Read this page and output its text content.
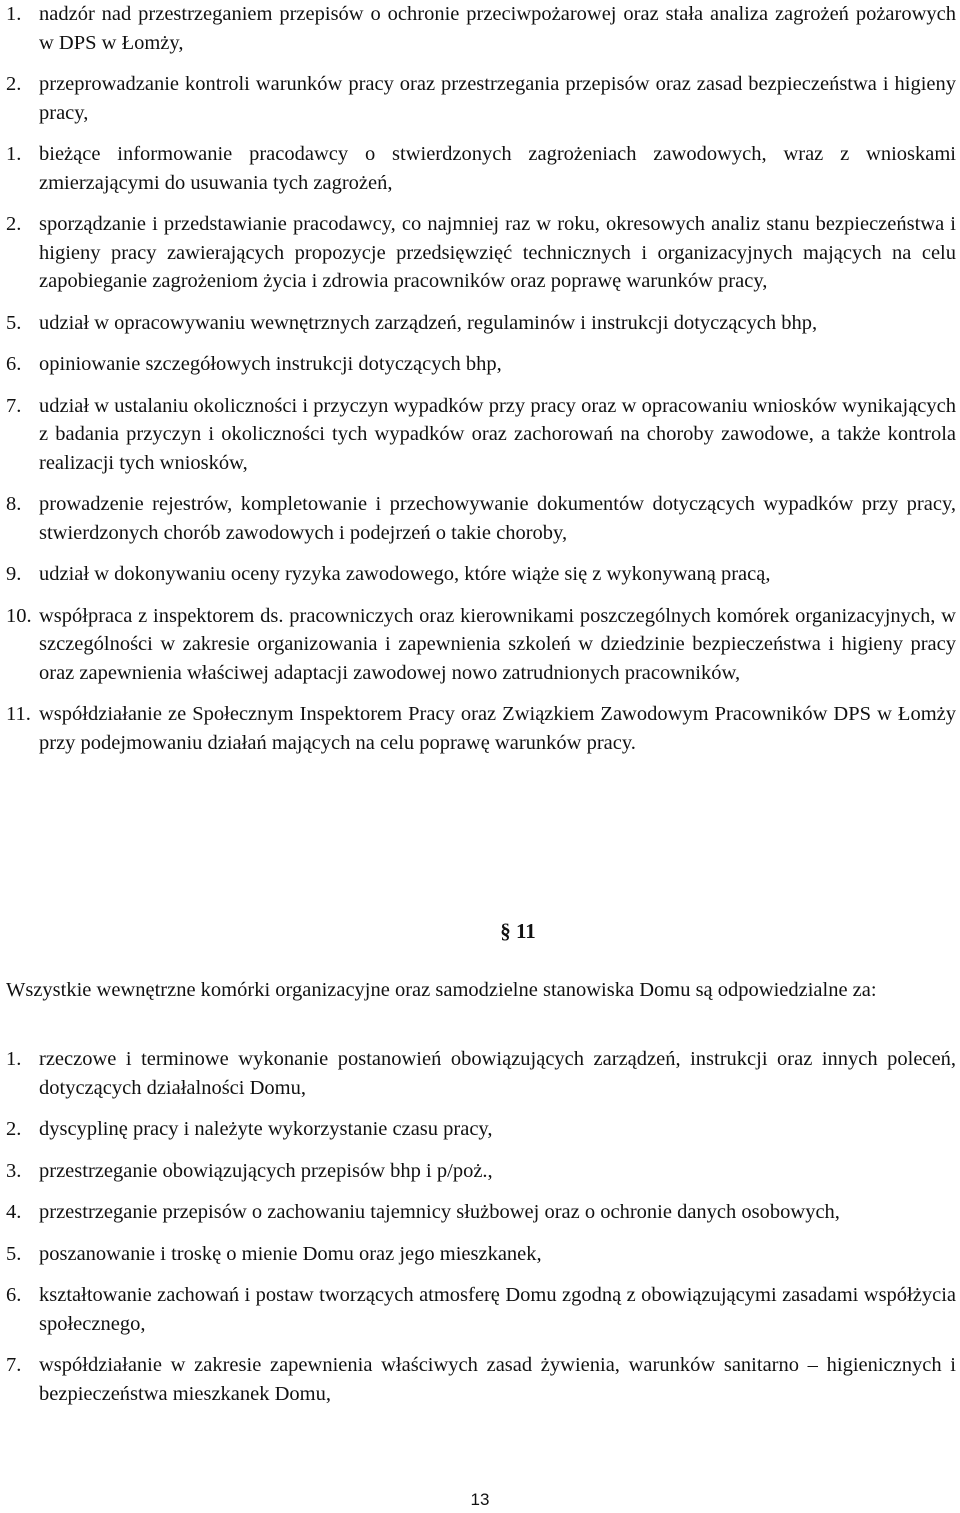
1. nadzór nad przestrzeganiem przepisów o ochronie przeciwpożarowej oraz stała analiza zagrożeń pożarowych w DPS w Łomży,
2. przeprowadzanie kontroli warunków pracy oraz przestrzegania przepisów oraz zasad bezpieczeństwa i higieny pracy,
1. bieżące informowanie pracodawcy o stwierdzonych zagrożeniach zawodowych, wraz z wnioskami zmierzającymi do usuwania tych zagrożeń,
2. sporządzanie i przedstawianie pracodawcy, co najmniej raz w roku, okresowych analiz stanu bezpieczeństwa i higieny pracy zawierających propozycje przedsięwzięć technicznych i organizacyjnych mających na celu zapobieganie zagrożeniom życia i zdrowia pracowników oraz poprawę warunków pracy,
5. udział w opracowywaniu wewnętrznych zarządzeń, regulaminów i instrukcji dotyczących bhp,
6. opiniowanie szczegółowych instrukcji dotyczących bhp,
7. udział w ustalaniu okoliczności i przyczyn wypadków przy pracy oraz w opracowaniu wniosków wynikających z badania przyczyn i okoliczności tych wypadków oraz zachorowań na choroby zawodowe, a także kontrola realizacji tych wniosków,
8. prowadzenie rejestrów, kompletowanie i przechowywanie dokumentów dotyczących wypadków przy pracy, stwierdzonych chorób zawodowych i podejrzeń o takie choroby,
9. udział w dokonywaniu oceny ryzyka zawodowego, które wiąże się z wykonywaną pracą,
10. współpraca z inspektorem ds. pracowniczych oraz kierownikami poszczególnych komórek organizacyjnych, w szczególności w zakresie organizowania i zapewnienia szkoleń w dziedzinie bezpieczeństwa i higieny pracy oraz zapewnienia właściwej adaptacji zawodowej nowo zatrudnionych pracowników,
11. współdziałanie ze Społecznym Inspektorem Pracy oraz Związkiem Zawodowym Pracowników DPS w Łomży przy podejmowaniu działań mających na celu poprawę warunków pracy.
§ 11

Wszystkie wewnętrzne komórki organizacyjne oraz samodzielne stanowiska Domu są odpowiedzialne za:

1. rzeczowe i terminowe wykonanie postanowień obowiązujących zarządzeń, instrukcji oraz innych poleceń, dotyczących działalności Domu,
2. dyscyplinę pracy i należyte wykorzystanie czasu pracy,
3. przestrzeganie obowiązujących przepisów bhp i p/poż.,
4. przestrzeganie przepisów o zachowaniu tajemnicy służbowej oraz o ochronie danych osobowych,
5. poszanowanie i troskę o mienie Domu oraz jego mieszkanek,
6. kształtowanie zachowań i postaw tworzących atmosferę Domu zgodną z obowiązującymi zasadami współżycia społecznego,
7. współdziałanie w zakresie zapewnienia właściwych zasad żywienia, warunków sanitarno – higienicznych i bezpieczeństwa mieszkanek Domu,
13
